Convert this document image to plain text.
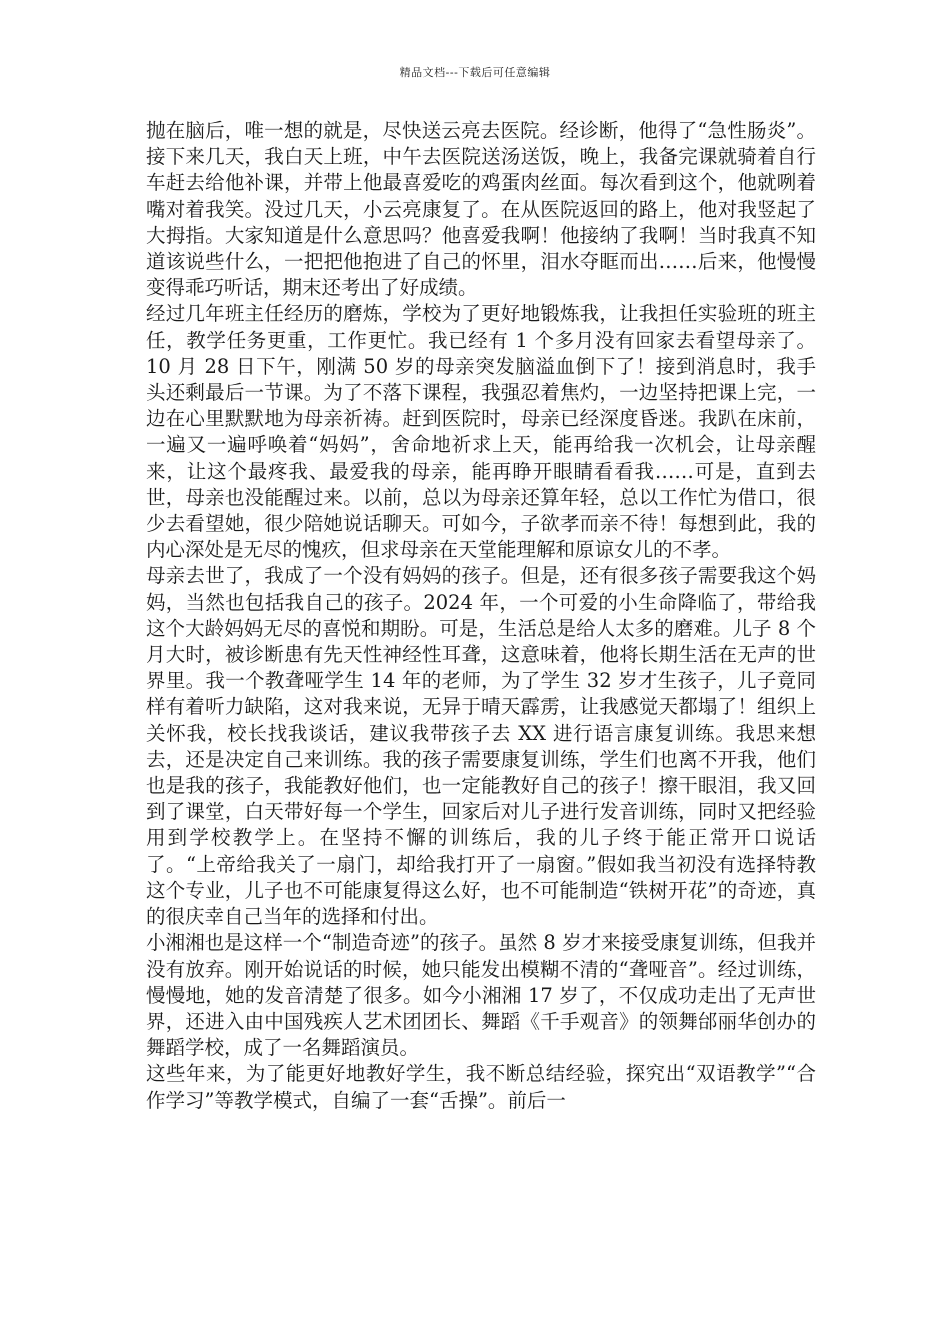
精品文档---下载后可任意编辑

抛在脑后，唯一想的就是，尽快送云亮去医院。经诊断，他得了“急性肠炎”。接下来几天，我白天上班，中午去医院送汤送饭，晚上，我备完课就骑着自行车赶去给他补课，并带上他最喜爱吃的鸡蛋肉丝面。每次看到这个，他就咧着嘴对着我笑。没过几天，小云亮康复了。在从医院返回的路上，他对我竖起了大拇指。大家知道是什么意思吗？他喜爱我啊！他接纳了我啊！当时我真不知道该说些什么，一把把他抱进了自己的怀里，泪水夺眶而出……后来，他慢慢变得乖巧听话，期末还考出了好成绩。

经过几年班主任经历的磨炼，学校为了更好地锻炼我，让我担任实验班的班主任，教学任务更重，工作更忙。我已经有 1 个多月没有回家去看望母亲了。10 月 28 日下午，刚满 50 岁的母亲突发脑溢血倒下了！接到消息时，我手头还剩最后一节课。为了不落下课程，我强忍着焦灼，一边坚持把课上完，一边在心里默默地为母亲祈祷。赶到医院时，母亲已经深度昏迷。我趴在床前，一遍又一遍呼唤着“妈妈”，舍命地祈求上天，能再给我一次机会，让母亲醒来，让这个最疼我、最爱我的母亲，能再睁开眼睛看看我……可是，直到去世，母亲也没能醒过来。以前，总以为母亲还算年轻，总以工作忙为借口，很少去看望她，很少陪她说话聊天。可如今，子欲孝而亲不待！每想到此，我的内心深处是无尽的愧疚，但求母亲在天堂能理解和原谅女儿的不孝。

母亲去世了，我成了一个没有妈妈的孩子。但是，还有很多孩子需要我这个妈妈，当然也包括我自己的孩子。2024 年，一个可爱的小生命降临了，带给我这个大龄妈妈无尽的喜悦和期盼。可是，生活总是给人太多的磨难。儿子 8 个月大时，被诊断患有先天性神经性耳聋，这意味着，他将长期生活在无声的世界里。我一个教聋哑学生 14 年的老师，为了学生 32 岁才生孩子，儿子竟同样有着听力缺陷，这对我来说，无异于晴天霹雳，让我感觉天都塌了！组织上关怀我，校长找我谈话，建议我带孩子去 XX 进行语言康复训练。我思来想去，还是决定自己来训练。我的孩子需要康复训练，学生们也离不开我，他们也是我的孩子，我能教好他们，也一定能教好自己的孩子！擦干眼泪，我又回到了课堂，白天带好每一个学生，回家后对儿子进行发音训练，同时又把经验用到学校教学上。在坚持不懈的训练后，我的儿子终于能正常开口说话了。“上帝给我关了一扇门，却给我打开了一扇窗。”假如我当初没有选择特教这个专业，儿子也不可能康复得这么好，也不可能制造“铁树开花”的奇迹，真的很庆幸自己当年的选择和付出。

小湘湘也是这样一个“制造奇迹”的孩子。虽然 8 岁才来接受康复训练，但我并没有放弃。刚开始说话的时候，她只能发出模糊不清的“聋哑音”。经过训练，慢慢地，她的发音清楚了很多。如今小湘湘 17 岁了，不仅成功走出了无声世界，还进入由中国残疾人艺术团团长、舞蹈《千手观音》的领舞邰丽华创办的舞蹈学校，成了一名舞蹈演员。

这些年来，为了能更好地教好学生，我不断总结经验，探究出“双语教学”“合作学习”等教学模式，自编了一套“舌操”。前后一
